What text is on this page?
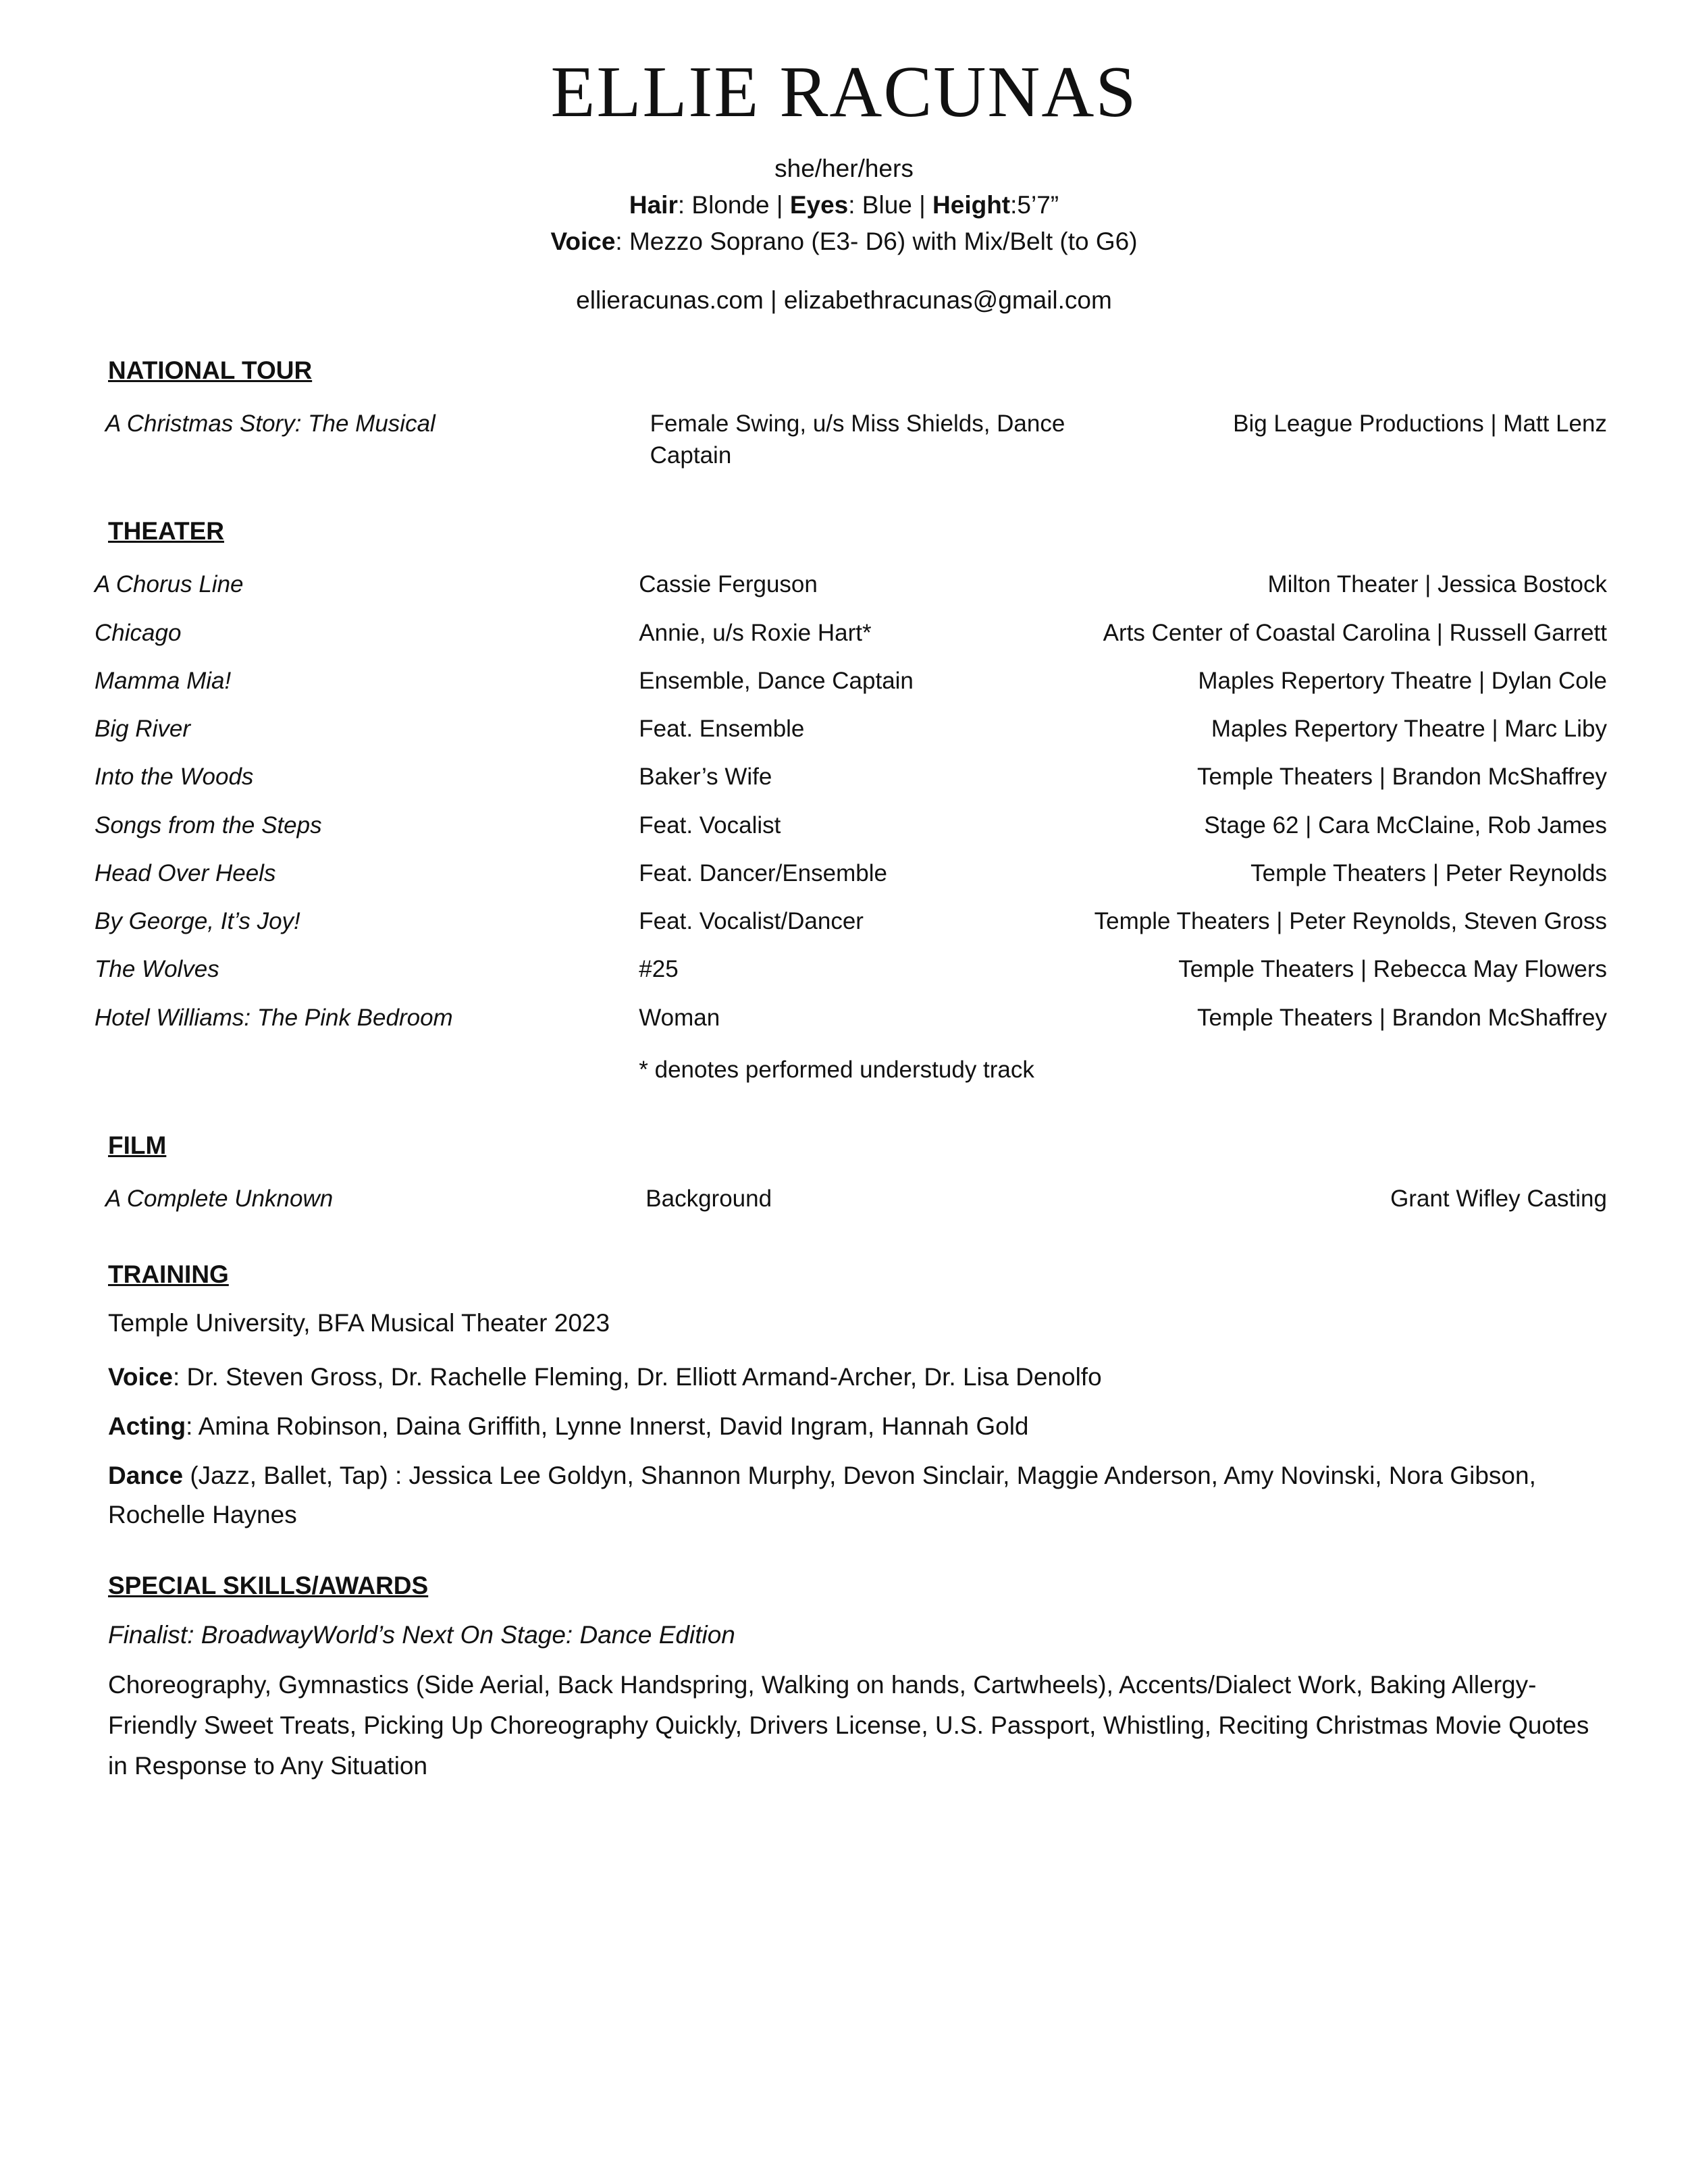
ELLIE RACUNAS
she/her/hers
Hair: Blonde | Eyes: Blue | Height:5’7”
Voice: Mezzo Soprano (E3- D6) with Mix/Belt (to G6)
ellieracunas.com | elizabethracunas@gmail.com
NATIONAL TOUR
A Christmas Story: The Musical	Female Swing, u/s Miss Shields, Dance Captain	Big League Productions | Matt Lenz
THEATER
A Chorus Line	Cassie Ferguson	Milton Theater | Jessica Bostock
Chicago	Annie, u/s Roxie Hart*	Arts Center of Coastal Carolina | Russell Garrett
Mamma Mia!	Ensemble, Dance Captain	Maples Repertory Theatre | Dylan Cole
Big River	Feat. Ensemble	Maples Repertory Theatre | Marc Liby
Into the Woods	Baker’s Wife	Temple Theaters | Brandon McShaffrey
Songs from the Steps	Feat. Vocalist	Stage 62 | Cara McClaine, Rob James
Head Over Heels	Feat. Dancer/Ensemble	Temple Theaters | Peter Reynolds
By George, It’s Joy!	Feat. Vocalist/Dancer	Temple Theaters | Peter Reynolds, Steven Gross
The Wolves	#25	Temple Theaters | Rebecca May Flowers
Hotel Williams: The Pink Bedroom	Woman	Temple Theaters | Brandon McShaffrey
	* denotes performed understudy track	
FILM
A Complete Unknown	Background	Grant Wifley Casting
TRAINING

Temple University, BFA Musical Theater 2023

Voice: Dr. Steven Gross, Dr. Rachelle Fleming, Dr. Elliott Armand-Archer, Dr. Lisa Denolfo

Acting: Amina Robinson, Daina Griffith, Lynne Innerst, David Ingram, Hannah Gold

Dance (Jazz, Ballet, Tap) : Jessica Lee Goldyn, Shannon Murphy, Devon Sinclair, Maggie Anderson, Amy Novinski, Nora Gibson, Rochelle Haynes

SPECIAL SKILLS/AWARDS

Finalist: BroadwayWorld’s Next On Stage: Dance Edition

Choreography, Gymnastics (Side Aerial, Back Handspring, Walking on hands, Cartwheels), Accents/Dialect Work, Baking Allergy-Friendly Sweet Treats, Picking Up Choreography Quickly, Drivers License, U.S. Passport, Whistling, Reciting Christmas Movie Quotes in Response to Any Situation
